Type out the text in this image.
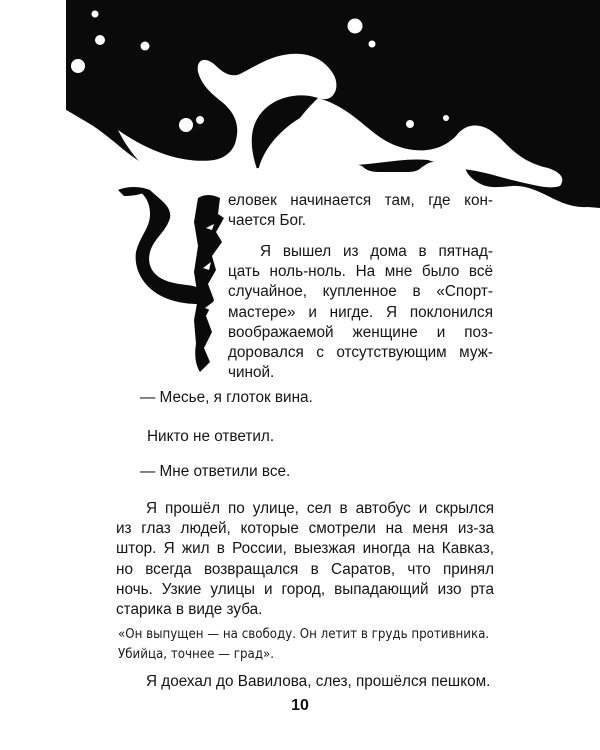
еловек начинается там, где кон-
чается Бог.
Я вышел из дома в пятнад-
цать ноль-ноль. На мне было всё
случайное, купленное в «Спорт-
мастере» и нигде. Я поклонился
воображаемой женщине и поз-
доровался с отсутствующим муж-
чиной.
— Месье, я глоток вина.
Никто не ответил.
— Мне ответили все.
Я прошёл по улице, сел в автобус и скрылся
из глаз людей, которые смотрели на меня из-за
штор. Я жил в России, выезжая иногда на Кавказ,
но всегда возвращался в Саратов, что принял
ночь. Узкие улицы и город, выпадающий изо рта
старика в виде зуба.
«Он выпущен — на свободу. Он летит в грудь противника.
Убийца, точнее — град».
Я доехал до Вавилова, слез, прошёлся пешком.
10
